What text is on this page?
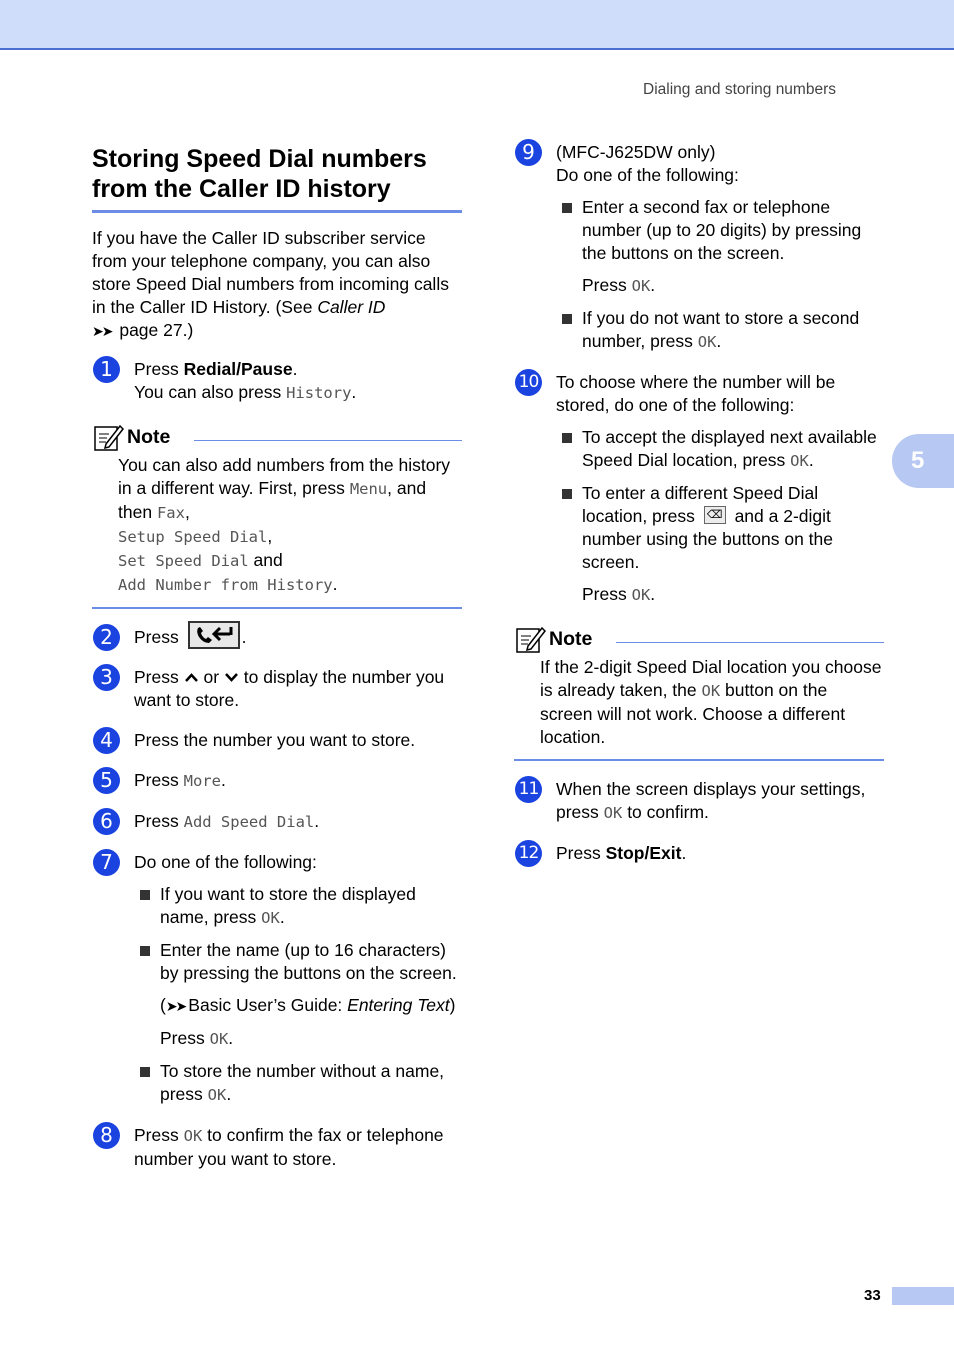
Dialing and storing numbers
5
Storing Speed Dial numbers from the Caller ID history

If you have the Caller ID subscriber service from your telephone company, you can also store Speed Dial numbers from incoming calls in the Caller ID History. (See Caller ID
➤➤ page 27.)

1	Press Redial/Pause.
You can also press History.
Note
You can also add numbers from the history in a different way. First, press Menu, and then Fax,
Setup Speed Dial,
Set Speed Dial and
Add Number from History.
2	Press	.
3	Press  or  to display the number you want to store.
4	Press the number you want to store.
5	Press More.
6	Press Add Speed Dial.
7	Do one of the following:
If you want to store the displayed name, press OK.
Enter the name (up to 16 characters) by pressing the buttons on the screen.
(➤➤ Basic User’s Guide: Entering Text)
Press OK.
To store the number without a name, press OK.
8	Press OK to confirm the fax or telephone number you want to store.
9	(MFC-J625DW only)
Do one of the following:
Enter a second fax or telephone number (up to 20 digits) by pressing the buttons on the screen.
Press OK.
If you do not want to store a second number, press OK.
10 To choose where the number will be stored, do one of the following:
To accept the displayed next available Speed Dial location, press OK.
To enter a different Speed Dial location, press ⌫ and a 2-digit number using the buttons on the screen.
Press OK.
Note
If the 2-digit Speed Dial location you choose is already taken, the OK button on the screen will not work. Choose a different location.
11 When the screen displays your settings, press OK to confirm.
12 Press Stop/Exit.
33
